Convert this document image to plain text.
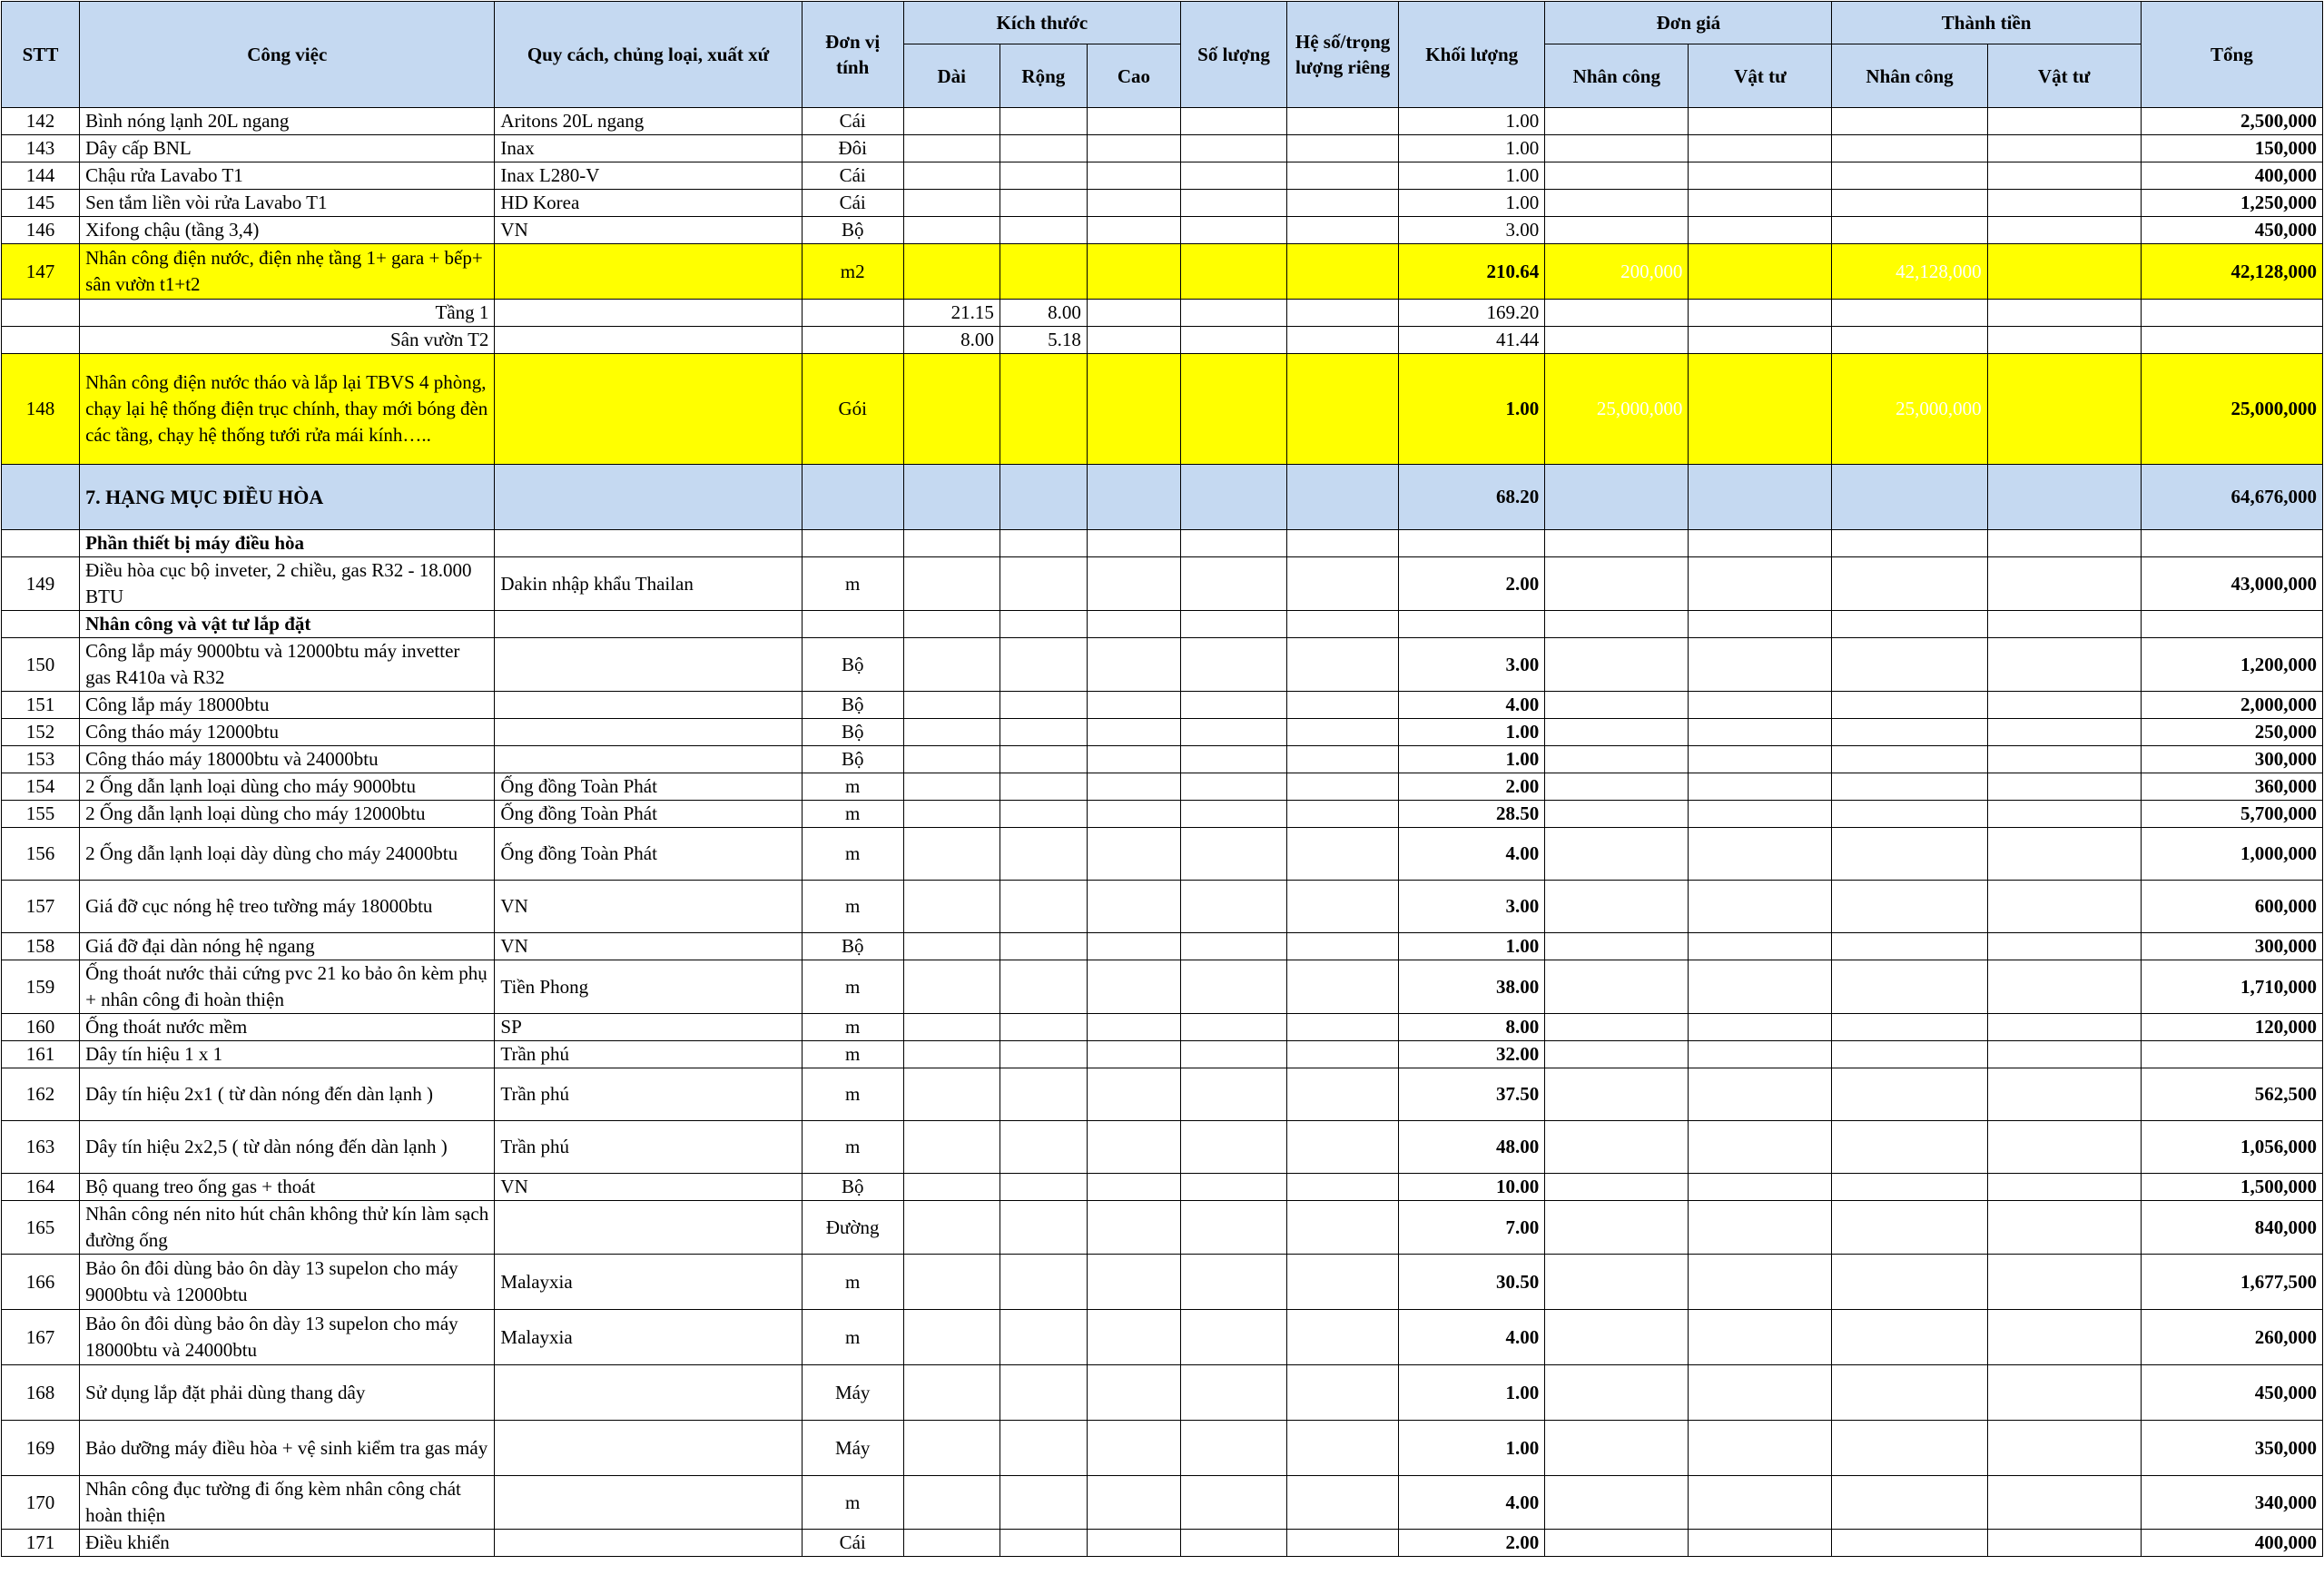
STT	Công việc	Quy cách, chủng loại, xuất xứ	Đơn vị tính	Kích thước			Số lượng	Hệ số/trọng lượng riêng	Khối lượng	Đơn giá		Thành tiền		Tổng
				Dài	Rộng	Cao				Nhân công	Vật tư	Nhân công	Vật tư	
142	Bình nóng lạnh 20L ngang	Aritons 20L ngang	Cái						1.00					2,500,000
143	Dây cấp BNL	Inax	Đôi						1.00					150,000
144	Chậu rửa Lavabo T1	Inax L280-V	Cái						1.00					400,000
145	Sen tắm liền vòi rửa Lavabo T1	HD Korea	Cái						1.00					1,250,000
146	Xifong chậu (tầng 3,4)	VN	Bộ						3.00					450,000
147	Nhân công điện nước, điện nhẹ tầng 1+ gara + bếp+ sân vườn t1+t2		m2						210.64	200,000		42,128,000		42,128,000
	Tầng 1			21.15	8.00				169.20					
	Sân vườn T2			8.00	5.18				41.44					
148	Nhân công điện nước tháo và lắp lại TBVS 4 phòng, chạy lại hệ thống điện trục chính, thay mới bóng đèn các tầng, chạy hệ thống tưới rửa mái kính…..		Gói						1.00	25,000,000		25,000,000		25,000,000
	7. HẠNG MỤC ĐIỀU HÒA								68.20					64,676,000
	Phần thiết bị máy điều hòa													
149	Điều hòa cục bộ inveter, 2 chiều, gas R32 - 18.000 BTU	Dakin nhập khẩu Thailan	m						2.00					43,000,000
	Nhân công và vật tư lắp đặt													
150	Công lắp máy 9000btu và 12000btu máy invetter gas R410a và R32		Bộ						3.00					1,200,000
151	Công lắp máy 18000btu		Bộ						4.00					2,000,000
152	Công tháo máy 12000btu		Bộ						1.00					250,000
153	Công tháo máy 18000btu và 24000btu		Bộ						1.00					300,000
154	2 Ống dẫn lạnh loại dùng cho máy 9000btu	Ống đồng Toàn Phát	m						2.00					360,000
155	2 Ống dẫn lạnh loại dùng cho máy 12000btu	Ống đồng Toàn Phát	m						28.50					5,700,000
156	2 Ống dẫn lạnh loại dày dùng cho máy 24000btu	Ống đồng Toàn Phát	m						4.00					1,000,000
157	Giá đỡ cục nóng hệ treo tường máy 18000btu	VN	m						3.00					600,000
158	Giá đỡ đại dàn nóng hệ ngang	VN	Bộ						1.00					300,000
159	Ống thoát nước thải cứng pvc 21 ko bảo ôn kèm phụ + nhân công đi hoàn thiện	Tiền Phong	m						38.00					1,710,000
160	Ống thoát nước mềm	SP	m						8.00					120,000
161	Dây tín hiệu 1 x 1	Trần phú	m						32.00					
162	Dây tín hiệu 2x1 ( từ dàn nóng đến dàn lạnh )	Trần phú	m						37.50					562,500
163	Dây tín hiệu 2x2,5 ( từ dàn nóng đến dàn lạnh )	Trần phú	m						48.00					1,056,000
164	Bộ quang treo ống gas + thoát	VN	Bộ						10.00					1,500,000
165	Nhân công nén nito hút chân không thử kín làm sạch đường ống		Đường						7.00					840,000
166	Bảo ôn đôi dùng bảo ôn dày 13 supelon cho máy 9000btu và 12000btu	Malayxia	m						30.50					1,677,500
167	Bảo ôn đôi dùng bảo ôn dày 13 supelon cho máy 18000btu và 24000btu	Malayxia	m						4.00					260,000
168	Sử dụng lắp đặt phải dùng thang dây		Máy						1.00					450,000
169	Bảo dưỡng máy điều hòa + vệ sinh kiểm tra gas máy		Máy						1.00					350,000
170	Nhân công đục tường đi ống kèm nhân công chát hoàn thiện		m						4.00					340,000
171	Điều khiển		Cái						2.00					400,000
